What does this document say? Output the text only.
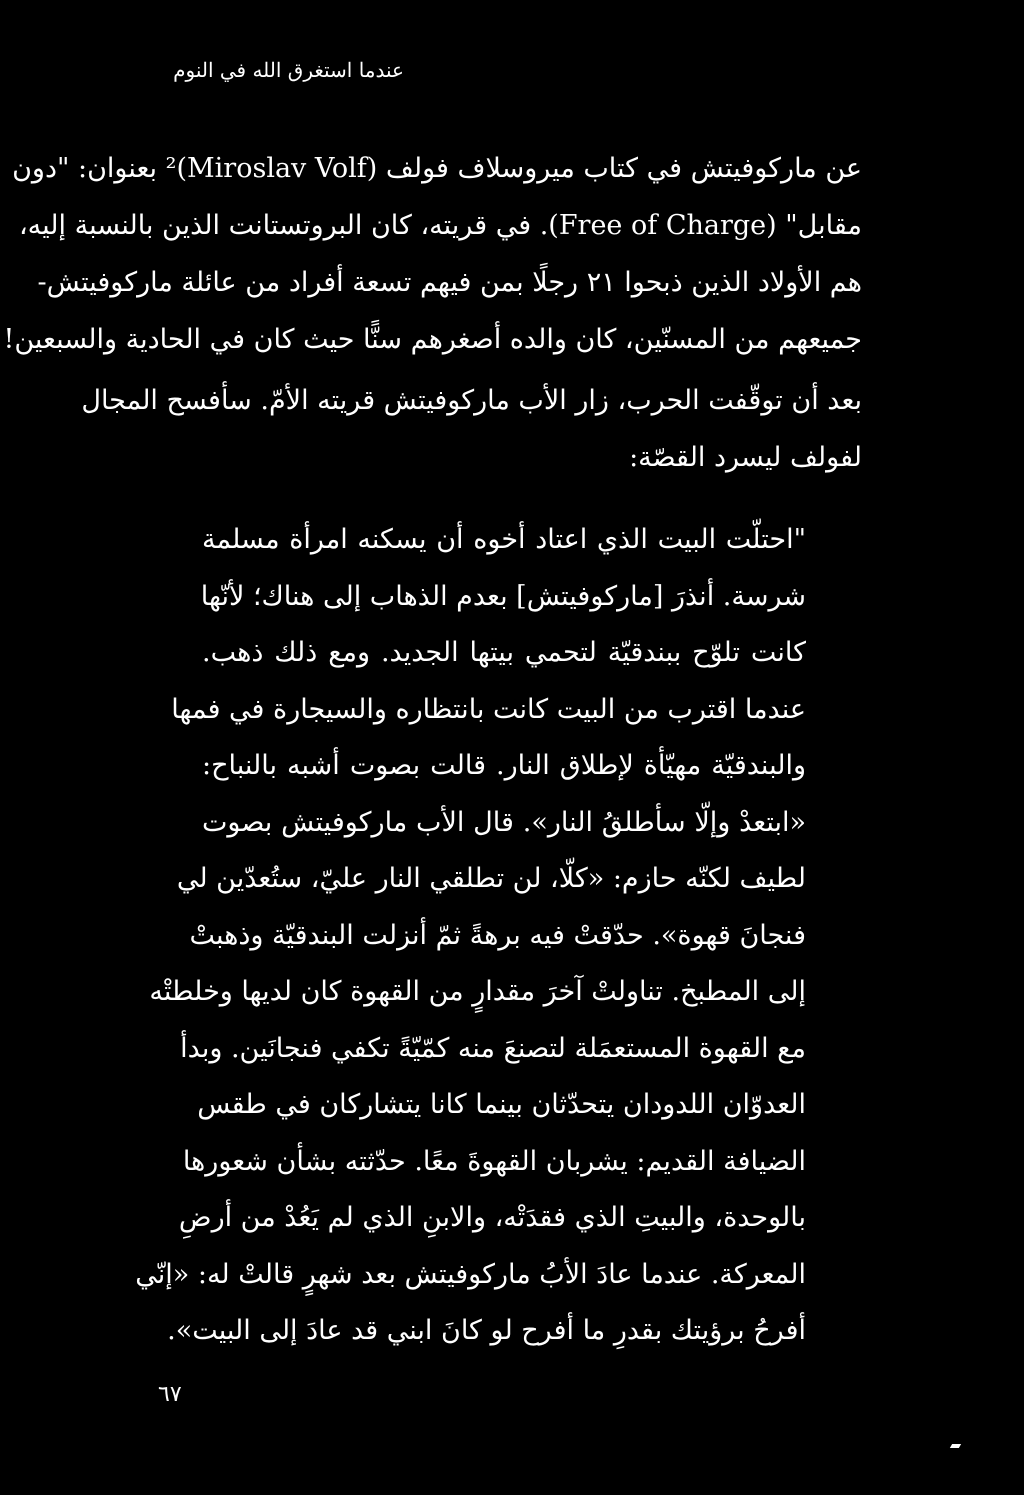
عندما استغرق الله في النوم

عن ماركوفيتش في كتاب ميروسلاف فولف (Miroslav Volf)² بعنوان: "دون
مقابل" (Free of Charge). في قريته، كان البروتستانت الذين بالنسبة إليه،
هم الأولاد الذين ذبحوا ٢١ رجلًا بمن فيهم تسعة أفراد من عائلة ماركوفيتش-
جميعهم من المسنّين، كان والده أصغرهم سنًّا حيث كان في الحادية والسبعين!

بعد أن توقّفت الحرب، زار الأب ماركوفيتش قريته الأمّ. سأفسح المجال
لفولف ليسرد القصّة:

"احتلّت البيت الذي اعتاد أخوه أن يسكنه امرأة مسلمة
شرسة. أنذرَ [ماركوفيتش] بعدم الذهاب إلى هناك؛ لأنّها
كانت تلوّح ببندقيّة لتحمي بيتها الجديد. ومع ذلك ذهب.
عندما اقترب من البيت كانت بانتظاره والسيجارة في فمها
والبندقيّة مهيّأة لإطلاق النار. قالت بصوت أشبه بالنباح:
«ابتعدْ وإلّا سأطلقُ النار». قال الأب ماركوفيتش بصوت
لطيف لكنّه حازم: «كلّا، لن تطلقي النار عليّ، ستُعدّين لي
فنجانَ قهوة». حدّقتْ فيه برهةً ثمّ أنزلت البندقيّة وذهبتْ
إلى المطبخ. تناولتْ آخرَ مقدارٍ من القهوة كان لديها وخلطتْه
مع القهوة المستعمَلة لتصنعَ منه كمّيّةً تكفي فنجانَين. وبدأ
العدوّان اللدودان يتحدّثان بينما كانا يتشاركان في طقس
الضيافة القديم: يشربان القهوةَ معًا. حدّثته بشأن شعورها
بالوحدة، والبيتِ الذي فقدَتْه، والابنِ الذي لم يَعُدْ من أرضِ
المعركة. عندما عادَ الأبُ ماركوفيتش بعد شهرٍ قالتْ له: «إنّي
أفرحُ برؤيتك بقدرِ ما أفرح لو كانَ ابني قد عادَ إلى البيت».

٦٧
